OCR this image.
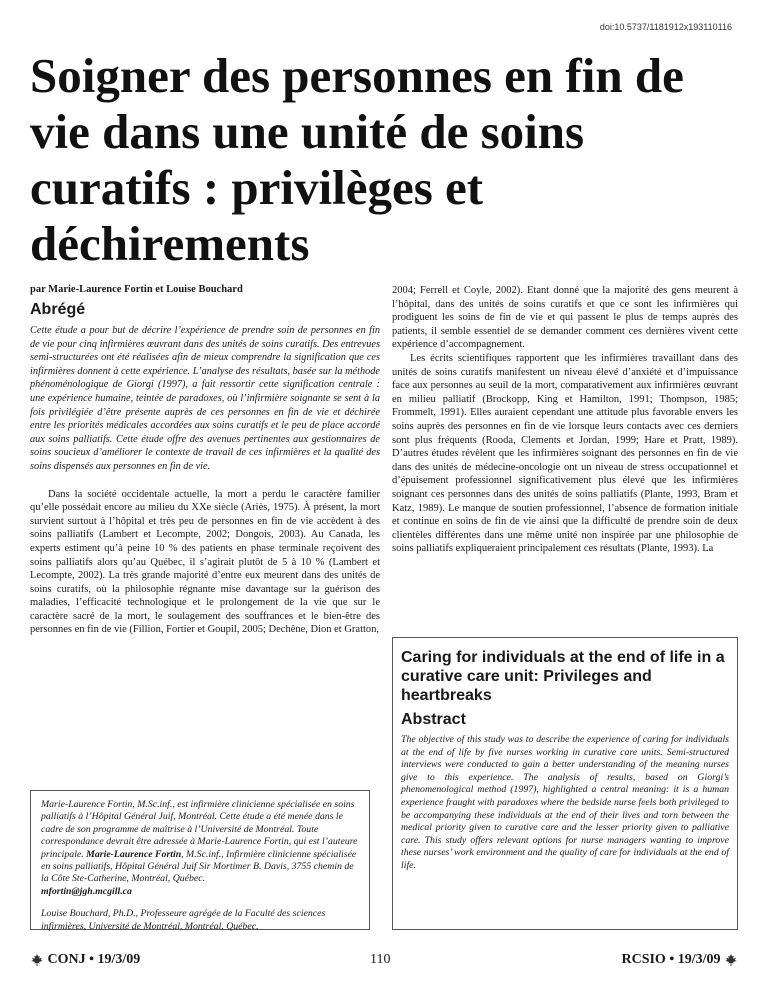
doi:10.5737/1181912x193110116
Soigner des personnes en fin de vie dans une unité de soins curatifs : privilèges et déchirements

par Marie-Laurence Fortin et Louise Bouchard

Abrégé

Cette étude a pour but de décrire l’expérience de prendre soin de personnes en fin de vie pour cinq infirmières œuvrant dans des unités de soins curatifs. Des entrevues semi-structurées ont été réalisées afin de mieux comprendre la signification que ces infirmières donnent à cette expérience. L’analyse des résultats, basée sur la méthode phénoménologique de Giorgi (1997), a fait ressortir cette signification centrale : une expérience humaine, teintée de paradoxes, où l’infirmière soignante se sent à la fois privilégiée d’être présente auprès de ces personnes en fin de vie et déchirée entre les priorités médicales accordées aux soins curatifs et le peu de place accordé aux soins palliatifs. Cette étude offre des avenues pertinentes aux gestionnaires de soins soucieux d’améliorer le contexte de travail de ces infirmières et la qualité des soins dispensés aux personnes en fin de vie.

Dans la société occidentale actuelle, la mort a perdu le caractère familier qu’elle possédait encore au milieu du XXe siècle (Ariès, 1975). À présent, la mort survient surtout à l’hôpital et très peu de personnes en fin de vie accèdent à des soins palliatifs (Lambert et Lecompte, 2002; Dongois, 2003). Au Canada, les experts estiment qu’à peine 10 % des patients en phase terminale reçoivent des soins palliatifs alors qu’au Québec, il s’agirait plutôt de 5 à 10 % (Lambert et Lecompte, 2002). La très grande majorité d’entre eux meurent dans des unités de soins curatifs, où la philosophie régnante mise davantage sur la guérison des maladies, l’efficacité technologique et le prolongement de la vie que sur le caractère sacré de la mort, le soulagement des souffrances et le bien-être des personnes en fin de vie (Fillion, Fortier et Goupil, 2005; Dechêne, Dion et Gratton,

2004; Ferrell et Coyle, 2002). Etant donné que la majorité des gens meurent à l’hôpital, dans des unités de soins curatifs et que ce sont les infirmières qui prodiguent les soins de fin de vie et qui passent le plus de temps auprès des patients, il semble essentiel de se demander comment ces dernières vivent cette expérience d’accompagnement.

Les écrits scientifiques rapportent que les infirmières travaillant dans des unités de soins curatifs manifestent un niveau élevé d’anxiété et d’impuissance face aux personnes au seuil de la mort, comparativement aux infirmières œuvrant en milieu palliatif (Brockopp, King et Hamilton, 1991; Thompson, 1985; Frommelt, 1991). Elles auraient cependant une attitude plus favorable envers les soins auprès des personnes en fin de vie lorsque leurs contacts avec ces derniers sont plus fréquents (Rooda, Clements et Jordan, 1999; Hare et Pratt, 1989). D’autres études révèlent que les infirmières soignant des personnes en fin de vie dans des unités de médecine-oncologie ont un niveau de stress occupationnel et d’épuisement professionnel significativement plus élevé que les infirmières soignant ces personnes dans des unités de soins palliatifs (Plante, 1993, Bram et Katz, 1989). Le manque de soutien professionnel, l’absence de formation initiale et continue en soins de fin de vie ainsi que la difficulté de prendre soin de deux clientèles différentes dans une même unité non inspirée par une philosophie de soins palliatifs expliqueraient principalement ces résultats (Plante, 1993). La

Marie-Laurence Fortin, M.Sc.inf., est infirmière clinicienne spécialisée en soins palliatifs à l’Hôpital Général Juif, Montréal. Cette étude a été menée dans le cadre de son programme de maîtrise à l’Université de Montréal. Toute correspondance devrait être adressée à Marie-Laurence Fortin, qui est l’auteure principale. Marie-Laurence Fortin, M.Sc.inf., Infirmière clinicienne spécialisée en soins palliatifs, Hôpital Général Juif Sir Mortimer B. Davis, 3755 chemin de la Côte Ste-Catherine, Montréal, Québec.
mfortin@jgh.mcgill.ca

Louise Bouchard, Ph.D., Professeure agrégée de la Faculté des sciences infirmières, Université de Montréal, Montréal, Québec.

Caring for individuals at the end of life in a curative care unit: Privileges and heartbreaks

Abstract

The objective of this study was to describe the experience of caring for individuals at the end of life by five nurses working in curative care units. Semi-structured interviews were conducted to gain a better understanding of the meaning nurses give to this experience. The analysis of results, based on Giorgi’s phenomenological method (1997), highlighted a central meaning: it is a human experience fraught with paradoxes where the bedside nurse feels both privileged to be accompanying these individuals at the end of their lives and torn between the medical priority given to curative care and the lesser priority given to palliative care. This study offers relevant options for nurse managers wanting to improve these nurses’ work environment and the quality of care for individuals at the end of life.

CONJ • 19/3/09	110	RCSIO • 19/3/09
